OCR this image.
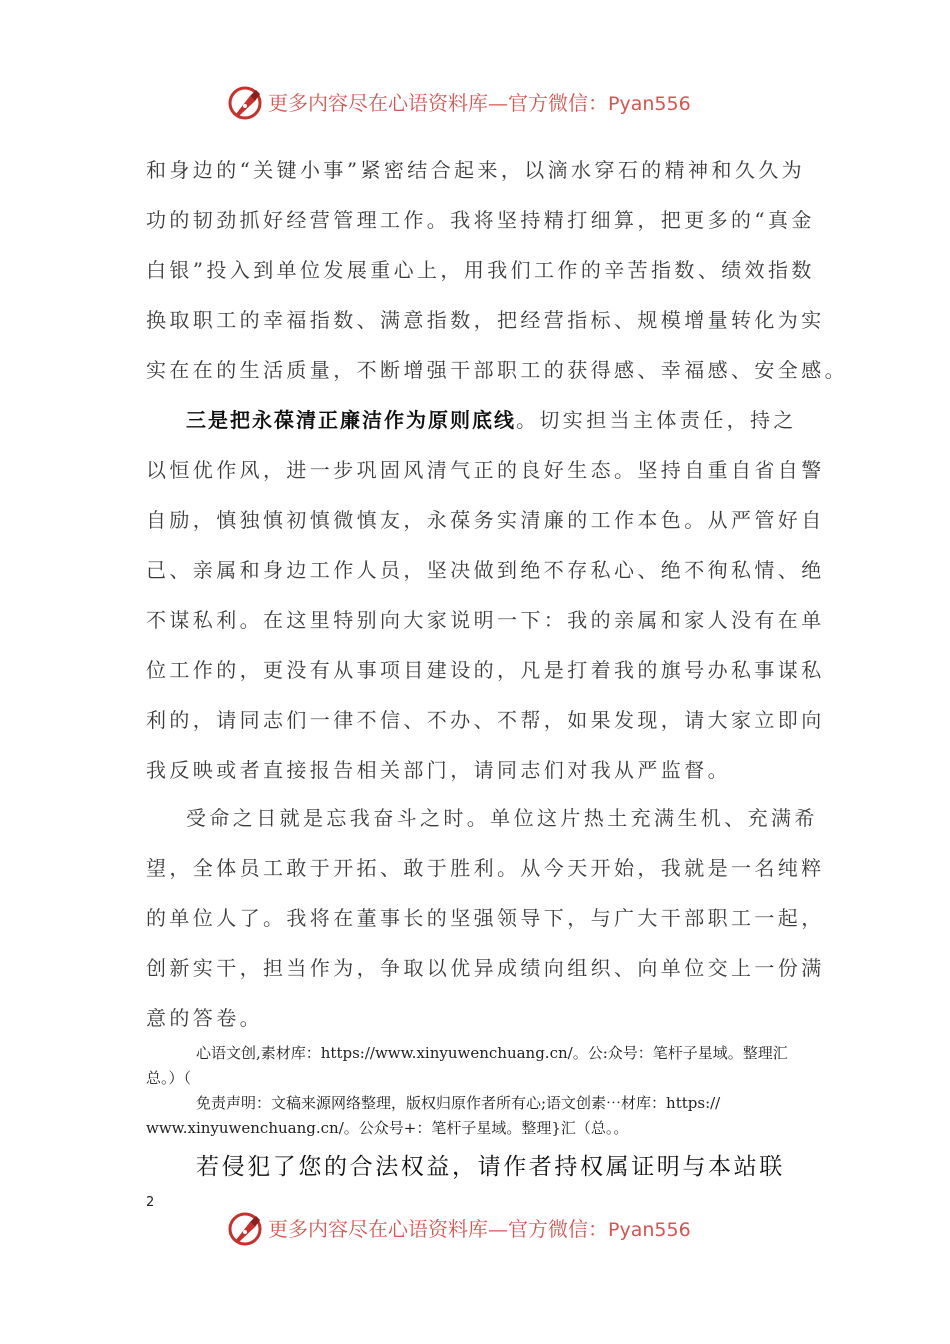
更多内容尽在心语资料库—官方微信：Pyan556
和身边的“关键小事”紧密结合起来，以滴水穿石的精神和久久为
功的韧劲抓好经营管理工作。我将坚持精打细算，把更多的“真金
白银”投入到单位发展重心上，用我们工作的辛苦指数、绩效指数
换取职工的幸福指数、满意指数，把经营指标、规模增量转化为实
实在在的生活质量，不断增强干部职工的获得感、幸福感、安全感。
三是把永葆清正廉洁作为原则底线。切实担当主体责任，持之
以恒优作风，进一步巩固风清气正的良好生态。坚持自重自省自警
自励，慎独慎初慎微慎友，永葆务实清廉的工作本色。从严管好自
己、亲属和身边工作人员，坚决做到绝不存私心、绝不徇私情、绝
不谋私利。在这里特别向大家说明一下：我的亲属和家人没有在单
位工作的，更没有从事项目建设的，凡是打着我的旗号办私事谋私
利的，请同志们一律不信、不办、不帮，如果发现，请大家立即向
我反映或者直接报告相关部门，请同志们对我从严监督。
受命之日就是忘我奋斗之时。单位这片热土充满生机、充满希
望，全体员工敢于开拓、敢于胜利。从今天开始，我就是一名纯粹
的单位人了。我将在董事长的坚强领导下，与广大干部职工一起，
创新实干，担当作为，争取以优异成绩向组织、向单位交上一份满
意的答卷。
心语文创,素材库：https://www.xinyuwenchuang.cn/。公:众号：笔杆子星域。整理汇
总。）（
免责声明：文稿来源网络整理，版权归原作者所有心;语文创素⋯材库：https://
www.xinyuwenchuang.cn/。公众号+：笔杆子星域。整理}汇（总。。
若侵犯了您的合法权益，请作者持权属证明与本站联
2
更多内容尽在心语资料库—官方微信：Pyan556
